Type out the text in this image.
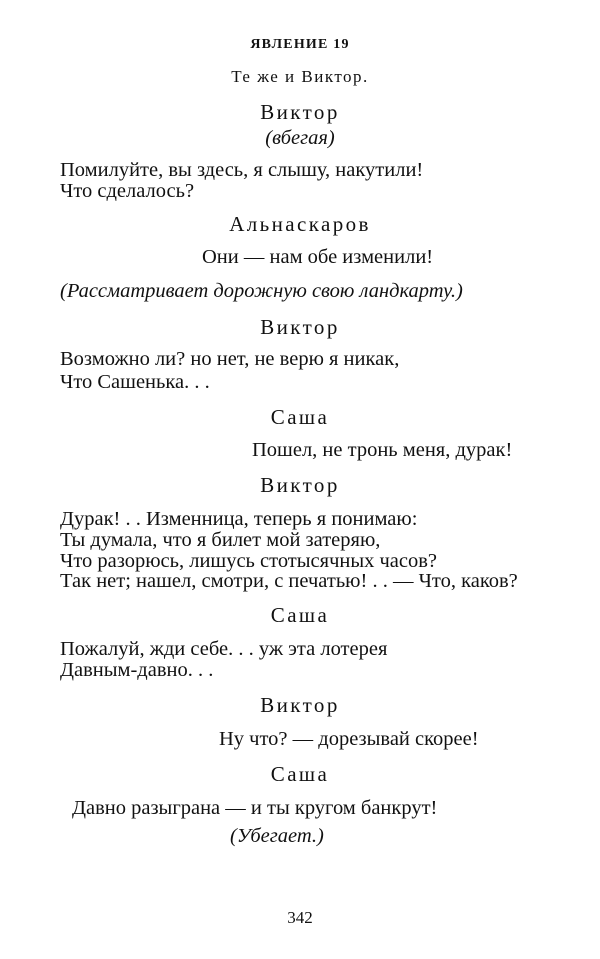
ЯВЛЕНИЕ 19
Те же и Виктор.
Виктор
(вбегая)
Помилуйте, вы здесь, я слышу, накутили!
Что сделалось?
Альнаскаров
Они — нам обе изменили!
(Рассматривает дорожную свою ландкарту.)
Виктор
Возможно ли? но нет, не верю я никак,
Что Сашенька. . .
Саша
Пошел, не тронь меня, дурак!
Виктор
Дурак! . . Изменница, теперь я понимаю:
Ты думала, что я билет мой затеряю,
Что разорюсь, лишусь стотысячных часов?
Так нет; нашел, смотри, с печатью! . . — Что, каков?
Саша
Пожалуй, жди себе. . . уж эта лотерея
Давным-давно. . .
Виктор
Ну что? — дорезывай скорее!
Саша
Давно разыграна — и ты кругом банкрут!
(Убегает.)
342
